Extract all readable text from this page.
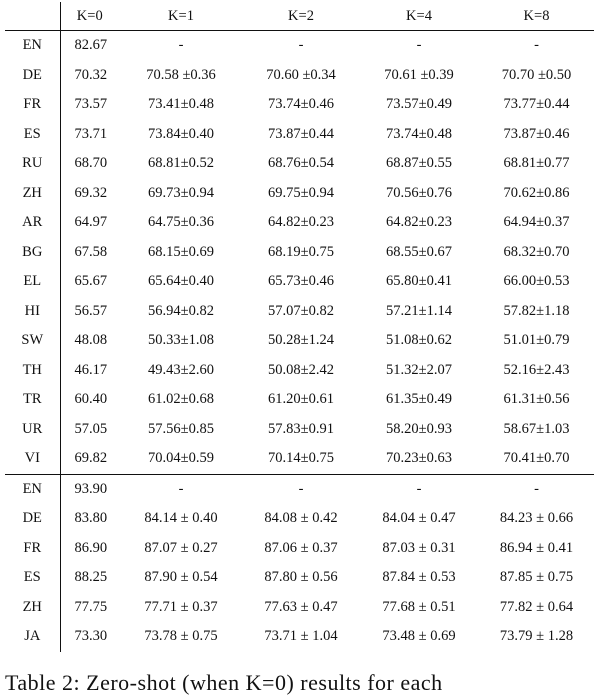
	K=0	K=1	K=2	K=4	K=8
EN	82.67	-	-	-	-
DE	70.32	70.58 ±0.36	70.60 ±0.34	70.61 ±0.39	70.70 ±0.50
FR	73.57	73.41±0.48	73.74±0.46	73.57±0.49	73.77±0.44
ES	73.71	73.84±0.40	73.87±0.44	73.74±0.48	73.87±0.46
RU	68.70	68.81±0.52	68.76±0.54	68.87±0.55	68.81±0.77
ZH	69.32	69.73±0.94	69.75±0.94	70.56±0.76	70.62±0.86
AR	64.97	64.75±0.36	64.82±0.23	64.82±0.23	64.94±0.37
BG	67.58	68.15±0.69	68.19±0.75	68.55±0.67	68.32±0.70
EL	65.67	65.64±0.40	65.73±0.46	65.80±0.41	66.00±0.53
HI	56.57	56.94±0.82	57.07±0.82	57.21±1.14	57.82±1.18
SW	48.08	50.33±1.08	50.28±1.24	51.08±0.62	51.01±0.79
TH	46.17	49.43±2.60	50.08±2.42	51.32±2.07	52.16±2.43
TR	60.40	61.02±0.68	61.20±0.61	61.35±0.49	61.31±0.56
UR	57.05	57.56±0.85	57.83±0.91	58.20±0.93	58.67±1.03
VI	69.82	70.04±0.59	70.14±0.75	70.23±0.63	70.41±0.70
EN	93.90	-	-	-	-
DE	83.80	84.14 ± 0.40	84.08 ± 0.42	84.04 ± 0.47	84.23 ± 0.66
FR	86.90	87.07 ± 0.27	87.06 ± 0.37	87.03 ± 0.31	86.94 ± 0.41
ES	88.25	87.90 ± 0.54	87.80 ± 0.56	87.84 ± 0.53	87.85 ± 0.75
ZH	77.75	77.71 ± 0.37	77.63 ± 0.47	77.68 ± 0.51	77.82 ± 0.64
JA	73.30	73.78 ± 0.75	73.71 ± 1.04	73.48 ± 0.69	73.79 ± 1.28
Table 2: Zero-shot (when K=0) results for each
